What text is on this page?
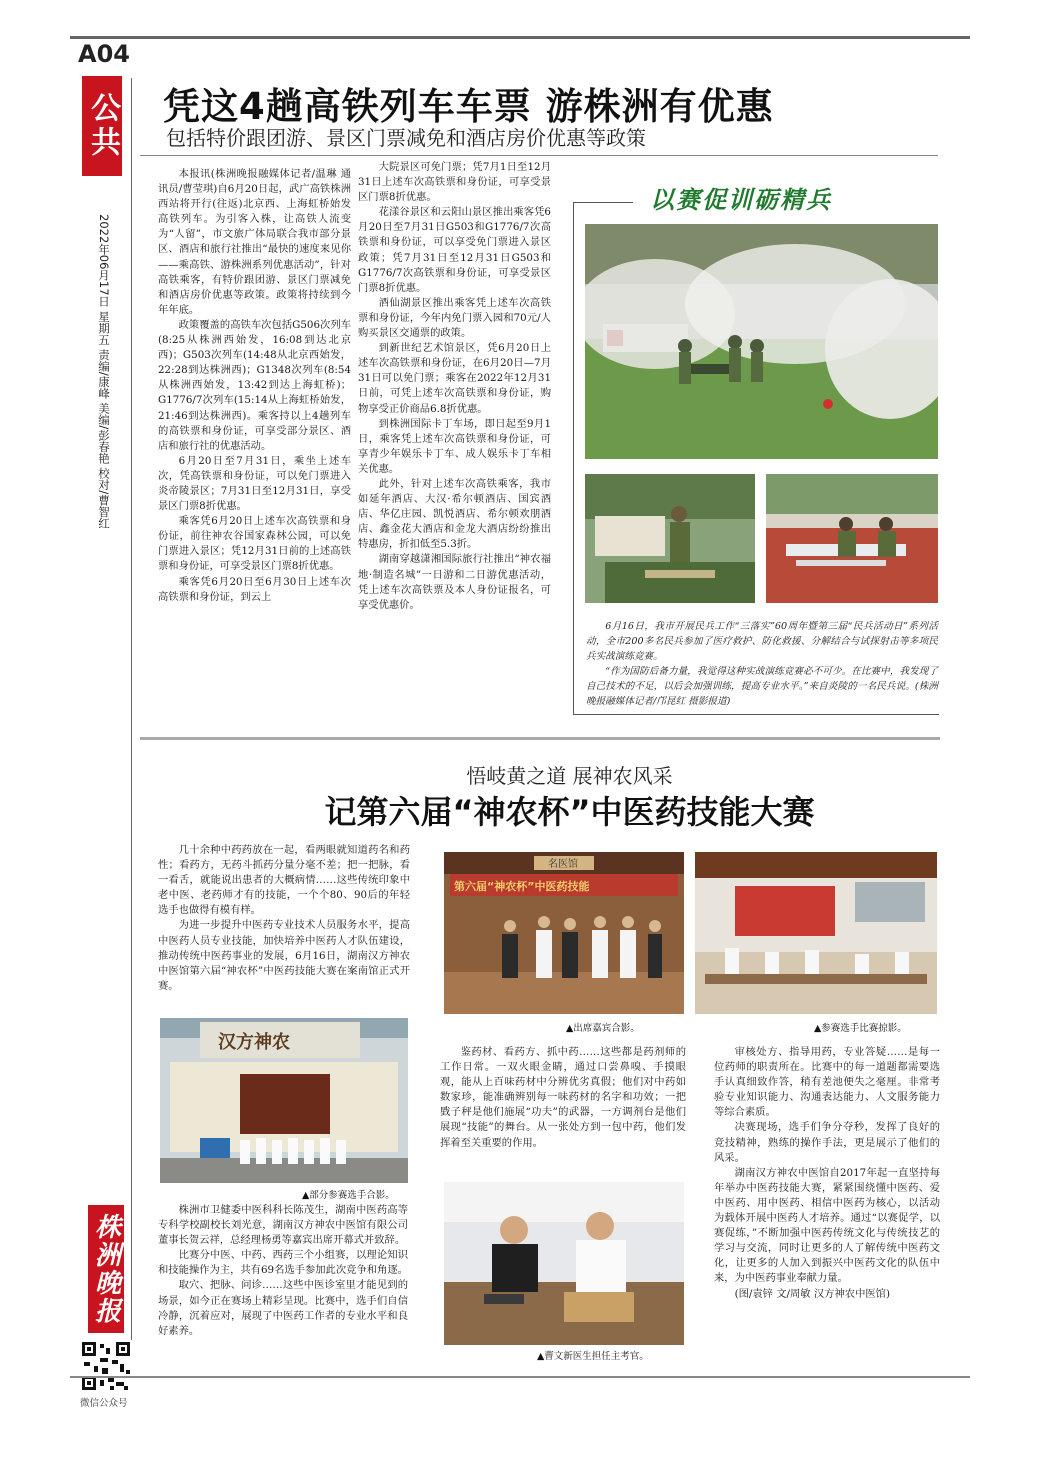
A04
公共
2022年06月17日 星期五 责编/康峰 美编/彭春艳 校对/曹智红
凭这4趟高铁列车车票 游株洲有优惠
包括特价跟团游、景区门票减免和酒店房价优惠等政策

本报讯(株洲晚报融媒体记者/温琳 通讯员/曹莹琪)自6月20日起，武广高铁株洲西站将开行(往返)北京西、上海虹桥始发高铁列车。为引客入株，让高铁人流变为“人留”，市文旅广体局联合我市部分景区、酒店和旅行社推出“最快的速度来见你——乘高铁、游株洲系列优惠活动”，针对高铁乘客，有特价跟团游、景区门票减免和酒店房价优惠等政策。政策将持续到今年年底。

政策覆盖的高铁车次包括G506次列车(8:25从株洲西始发，16:08到达北京西)；G503次列车(14:48从北京西始发，22:28到达株洲西)；G1348次列车(8:54从株洲西始发，13:42到达上海虹桥)；G1776/7次列车(15:14从上海虹桥始发，21:46到达株洲西)。乘客持以上4趟列车的高铁票和身份证，可享受部分景区、酒店和旅行社的优惠活动。

6月20日至7月31日，乘坐上述车次，凭高铁票和身份证，可以免门票进入炎帝陵景区；7月31日至12月31日，享受景区门票8折优惠。

乘客凭6月20日上述车次高铁票和身份证，前往神农谷国家森林公园，可以免门票进入景区；凭12月31日前的上述高铁票和身份证，可享受景区门票8折优惠。

乘客凭6月20日至6月30日上述车次高铁票和身份证，到云上

大院景区可免门票；凭7月1日至12月31日上述车次高铁票和身份证，可享受景区门票8折优惠。

花漾谷景区和云阳山景区推出乘客凭6月20日至7月31日G503和G1776/7次高铁票和身份证，可以享受免门票进入景区政策；凭7月31日至12月31日G503和G1776/7次高铁票和身份证，可享受景区门票8折优惠。

酒仙湖景区推出乘客凭上述车次高铁票和身份证，今年内免门票入园和70元/人购买景区交通票的政策。

到新世纪艺术馆景区，凭6月20日上述车次高铁票和身份证，在6月20日—7月31日可以免门票；乘客在2022年12月31日前，可凭上述车次高铁票和身份证，购物享受正价商品6.8折优惠。

到株洲国际卡丁车场，即日起至9月1日，乘客凭上述车次高铁票和身份证，可享青少年娱乐卡丁车、成人娱乐卡丁车相关优惠。

此外，针对上述车次高铁乘客，我市如延年酒店、大汉·希尔顿酒店、国宾酒店、华亿庄园、凯悦酒店、希尔顿欢朋酒店、鑫金花大酒店和金龙大酒店纷纷推出特惠房，折扣低至5.3折。

湖南穿越潇湘国际旅行社推出“神农福地·制造名城”一日游和二日游优惠活动，凭上述车次高铁票及本人身份证报名，可享受优惠价。

以赛促训砺精兵
6月16日，我市开展民兵工作“三落实”60周年暨第三届“民兵活动日”系列活动，全市200多名民兵参加了医疗救护、防化救援、分解结合与试探射击等多项民兵实战演练竞赛。
“作为国防后备力量，我觉得这种实战演练竞赛必不可少。在比赛中，我发现了自己技术的不足，以后会加强训练，提高专业水平。”来自炎陵的一名民兵说。(株洲晚报融媒体记者/邝昆红 摄影报道)
悟岐黄之道 展神农风采
记第六届“神农杯”中医药技能大赛

几十余种中药药放在一起，看两眼就知道药名和药性；看药方，无药斗抓药分量分毫不差；把一把脉，看一看舌，就能说出患者的大概病情……这些传统印象中老中医、老药师才有的技能，一个个80、90后的年轻选手也做得有模有样。

为进一步提升中医药专业技术人员服务水平，提高中医药人员专业技能，加快培养中医药人才队伍建设，推动传统中医药事业的发展，6月16日，湖南汉方神农中医馆第六届“神农杯”中医药技能大赛在案南馆正式开赛。

第六届“神农杯”中医药技能
名医馆
▲出席嘉宾合影。	▲参赛选手比赛掠影。
汉方神农
▲部分参赛选手合影。

株洲市卫健委中医科科长陈茂生，湖南中医药高等专科学校副校长刘光意，湖南汉方神农中医馆有限公司董事长贺云祥，总经理杨勇等嘉宾出席开幕式并致辞。

比赛分中医、中药、西药三个小组赛，以理论知识和技能操作为主，共有69名选手参加此次竞争和角逐。

取穴、把脉、问诊……这些中医诊室里才能见到的场景，如今正在赛场上精彩呈现。比赛中，选手们自信冷静，沉着应对，展现了中医药工作者的专业水平和良好素养。

鉴药材、看药方、抓中药……这些都是药剂师的工作日常。一双火眼金睛，通过口尝鼻嗅、手摸眼观，能从上百味药材中分辨优劣真假；他们对中药如数家珍，能准确辨别每一味药材的名字和功效；一把戥子秤是他们施展“功夫”的武器，一方调剂台是他们展现“技能”的舞台。从一张处方到一包中药，他们发挥着至关重要的作用。

▲曹文新医生担任主考官。

审核处方、指导用药，专业答疑……是每一位药师的职责所在。比赛中的每一道题都需要选手认真细致作答，稍有差池便失之毫厘。非常考验专业知识能力、沟通表达能力、人文服务能力等综合素质。

决赛现场，选手们争分夺秒，发挥了良好的竞技精神，熟练的操作手法，更是展示了他们的风采。

湖南汉方神农中医馆自2017年起一直坚持每年举办中医药技能大赛，紧紧围绕懂中医药、爱中医药、用中医药、相信中医药为核心，以活动为载体开展中医药人才培养。通过“以赛促学，以赛促练，”不断加强中医药传统文化与传统技艺的学习与交流，同时让更多的人了解传统中医药文化，让更多的人加入到振兴中医药文化的队伍中来，为中医药事业奉献力量。

(图/袁锌 文/周敏 汉方神农中医馆)

株洲晚报
微信公众号
